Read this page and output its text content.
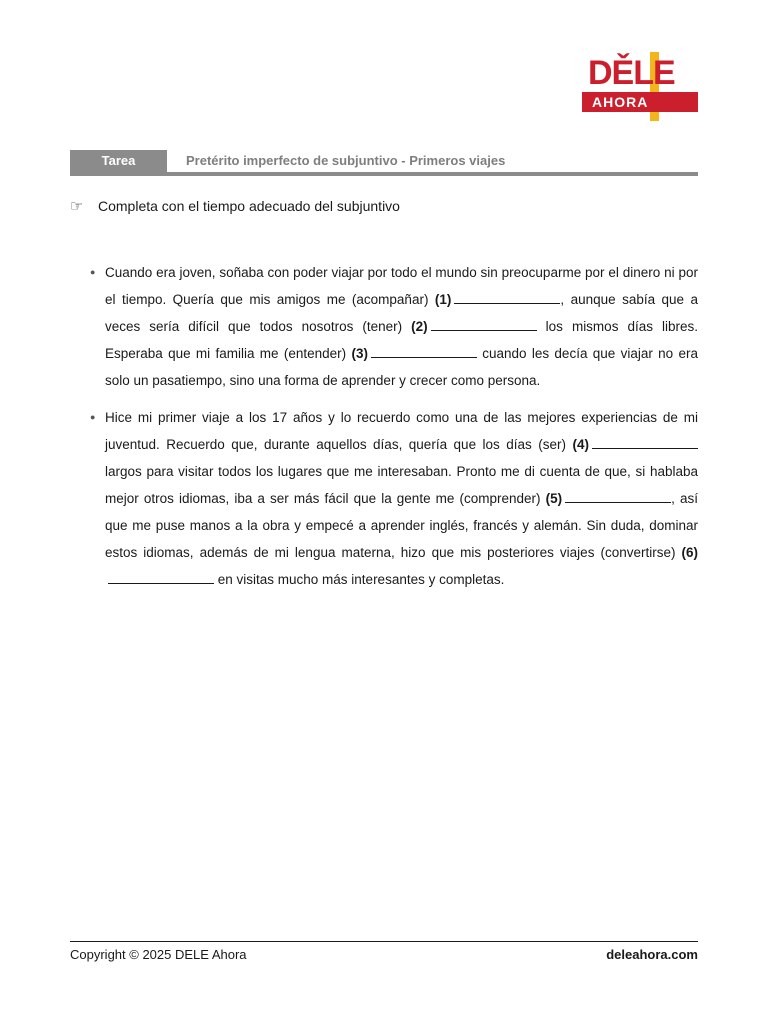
DĚLE
AHORA
Tarea	Pretérito imperfecto de subjuntivo - Primeros viajes
☞ Completa con el tiempo adecuado del subjuntivo
● Cuando era joven, soñaba con poder viajar por todo el mundo sin preocuparme por el dinero ni por el tiempo. Quería que mis amigos me (acompañar) (1)	, aunque sabía que a veces sería difícil que todos nosotros (tener) (2)	los mismos días libres. Esperaba que mi familia me (entender) (3)	cuando les decía que viajar no era solo un pasatiempo, sino una forma de aprender y crecer como persona.
● Hice mi primer viaje a los 17 años y lo recuerdo como una de las mejores experiencias de mi juventud. Recuerdo que, durante aquellos días, quería que los días (ser) (4) largos para visitar todos los lugares que me interesaban. Pronto me di cuenta de que, si hablaba mejor otros idiomas, iba a ser más fácil que la gente me (comprender) (5)	, así que me puse manos a la obra y empecé a aprender inglés, francés y alemán. Sin duda, dominar estos idiomas, además de mi lengua materna, hizo que mis posteriores viajes (convertirse) (6) en visitas mucho más interesantes y completas.
Copyright © 2025 DELE Ahora	deleahora.com
